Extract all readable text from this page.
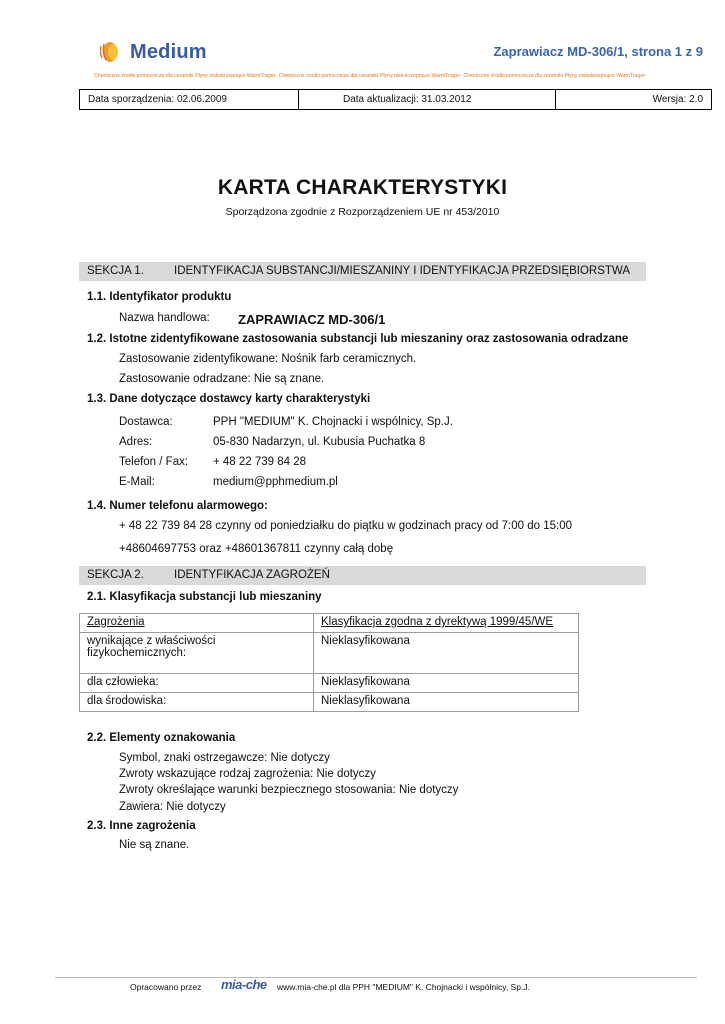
Medium	Zaprawiacz MD-306/1, strona 1 z 9
Chemiczne środki pomocnicze dla ceramiki·Płyny niskokrzepnące WarmTrager· Chemiczne środki pomocnicze dla ceramiki·Płyny niskokrzepnące WarmTrager· Chemiczne środki pomocnicze dla ceramiki·Płyny niskokrzepnące WarmTrager·
Data sporządzenia: 02.06.2009	Data aktualizacji: 31.03.2012	Wersja: 2.0
KARTA CHARAKTERYSTYKI
Sporządzona zgodnie z Rozporządzeniem UE nr 453/2010
SEKCJA 1.	IDENTYFIKACJA SUBSTANCJI/MIESZANINY I IDENTYFIKACJA PRZEDSIĘBIORSTWA
1.1. Identyfikator produktu
Nazwa handlowa: ZAPRAWIACZ MD-306/1
1.2. Istotne zidentyfikowane zastosowania substancji lub mieszaniny oraz zastosowania odradzane
Zastosowanie zidentyfikowane: Nośnik farb ceramicznych.
Zastosowanie odradzane: Nie są znane.
1.3. Dane dotyczące dostawcy karty charakterystyki
Dostawca:	PPH "MEDIUM" K. Chojnacki i wspólnicy, Sp.J.
Adres:	05-830 Nadarzyn, ul. Kubusia Puchatka 8
Telefon / Fax: + 48 22 739 84 28
E-Mail:	medium@pphmedium.pl
1.4. Numer telefonu alarmowego:
+ 48 22 739 84 28 czynny od poniedziałku do piątku w godzinach pracy od 7:00 do 15:00
+48604697753 oraz +48601367811 czynny całą dobę
SEKCJA 2.	IDENTYFIKACJA ZAGROŻEŃ
2.1. Klasyfikacja substancji lub mieszaniny
Zagrożenia	Klasyfikacja zgodna z dyrektywą 1999/45/WE
wynikające z właściwości fizykochemicznych:	Nieklasyfikowana
dla człowieka:	Nieklasyfikowana
dla środowiska:	Nieklasyfikowana
2.2. Elementy oznakowania
Symbol, znaki ostrzegawcze: Nie dotyczy
Zwroty wskazujące rodzaj zagrożenia: Nie dotyczy
Zwroty określające warunki bezpiecznego stosowania: Nie dotyczy
Zawiera: Nie dotyczy
2.3. Inne zagrożenia
Nie są znane.
Opracowano przez mia-che www.mia-che.pl dla PPH "MEDIUM" K. Chojnacki i wspólnicy, Sp.J.
